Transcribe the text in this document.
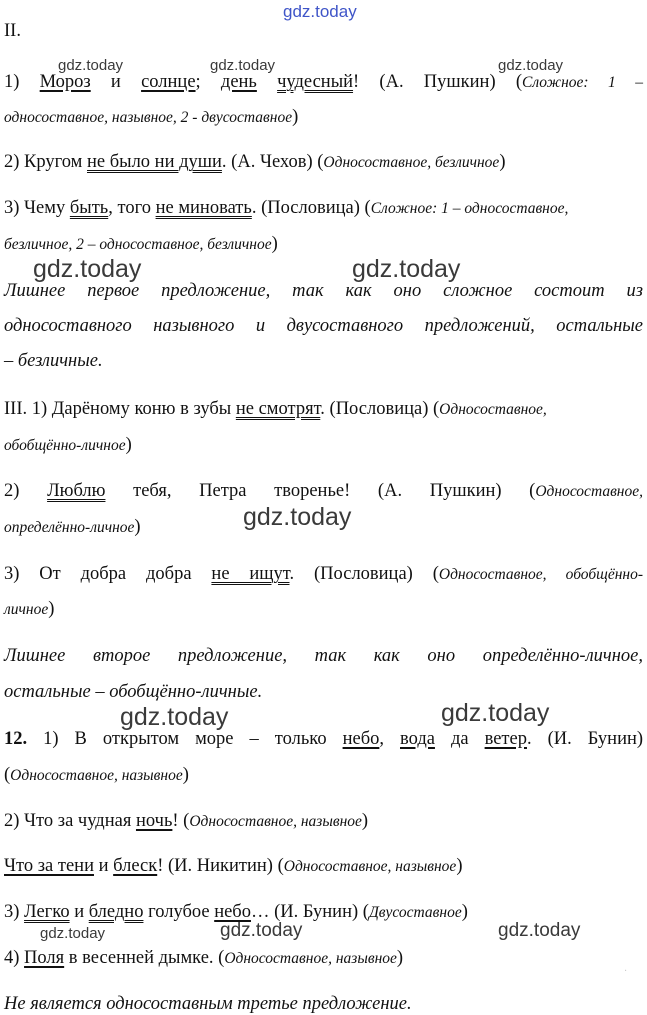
gdz.today
gdz.today	gdz.today	gdz.today
gdz.today	gdz.today
gdz.today
gdz.today	gdz.today
gdz.today	gdz.today	gdz.today
·
II.
1) Мороз и солнце; день чудесный! (А. Пушкин) (Сложное: 1 –
односоставное, назывное, 2 - двусоставное)
2) Кругом не было ни души. (А. Чехов) (Односоставное, безличное)
3) Чему быть, того не миновать. (Пословица) (Сложное: 1 – односоставное,
безличное, 2 – односоставное, безличное)
Лишнее первое предложение, так как оно сложное состоит из
односоставного назывного и двусоставного предложений, остальные
– безличные.
III. 1) Дарёному коню в зубы не смотрят. (Пословица) (Односоставное,
обобщённо-личное)
2) Люблю тебя, Петра творенье! (А. Пушкин) (Односоставное,
определённо-личное)
3) От добра добра не ищут. (Пословица) (Односоставное, обобщённо-
личное)
Лишнее второе предложение, так как оно определённо-личное,
остальные – обобщённо-личные.
12. 1) В открытом море – только небо, вода да ветер. (И. Бунин)
(Односоставное, назывное)
2) Что за чудная ночь! (Односоставное, назывное)
Что за тени и блеск! (И. Никитин) (Односоставное, назывное)
3) Легко и бледно голубое небо… (И. Бунин) (Двусоставное)
4) Поля в весенней дымке. (Односоставное, назывное)
Не является односоставным третье предложение.
